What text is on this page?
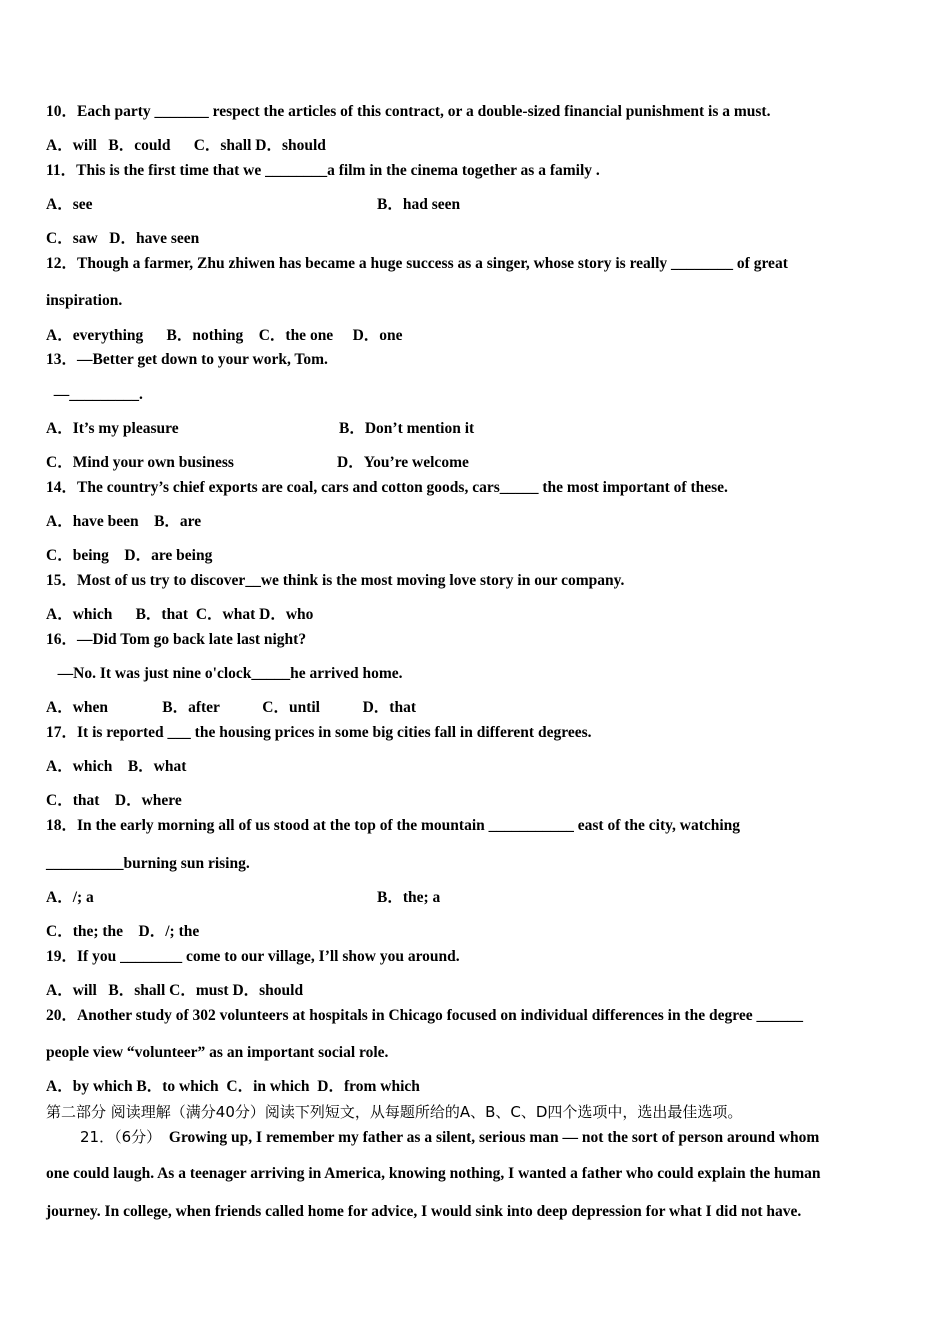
10．Each party _______ respect the articles of this contract, or a double-sized financial punishment is a must.
A．will   B．could      C．shall D．should
11．This is the first time that we ________a film in the cinema together as a family .
A．see	B．had seen
C．saw   D．have seen
12．Though a farmer, Zhu zhiwen has became a huge success as a singer, whose story is really ________ of great
inspiration.
A．everything      B．nothing    C．the one     D．one
13．—Better get down to your work, Tom.
—_________.
A．It’s my pleasure	B．Don’t mention it
C．Mind your own business	D．You’re welcome
14．The country’s chief exports are coal, cars and cotton goods, cars_____ the most important of these.
A．have been    B．are
C．being    D．are being
15．Most of us try to discover__we think is the most moving love story in our company.
A．which      B．that  C．what D．who
16．—Did Tom go back late last night?
—No. It was just nine o'clock_____he arrived home.
A．when              B．after           C．until           D．that
17．It is reported ___ the housing prices in some big cities fall in different degrees.
A．which    B．what
C．that    D．where
18．In the early morning all of us stood at the top of the mountain ___________ east of the city, watching
__________burning sun rising.
A．/; a	B．the; a
C．the; the    D．/; the
19．If you ________ come to our village, I’ll show you around.
A．will   B．shall C．must D．should
20．Another study of 302 volunteers at hospitals in Chicago focused on individual differences in the degree ______
people view “volunteer” as an important social role.
A．by which B．to which  C．in which  D．from which
第二部分 阅读理解（满分40分）阅读下列短文，从每题所给的A、B、C、D四个选项中，选出最佳选项。
21．（6分） Growing up, I remember my father as a silent, serious man — not the sort of person around whom
one could laugh. As a teenager arriving in America, knowing nothing, I wanted a father who could explain the human
journey. In college, when friends called home for advice, I would sink into deep depression for what I did not have.
